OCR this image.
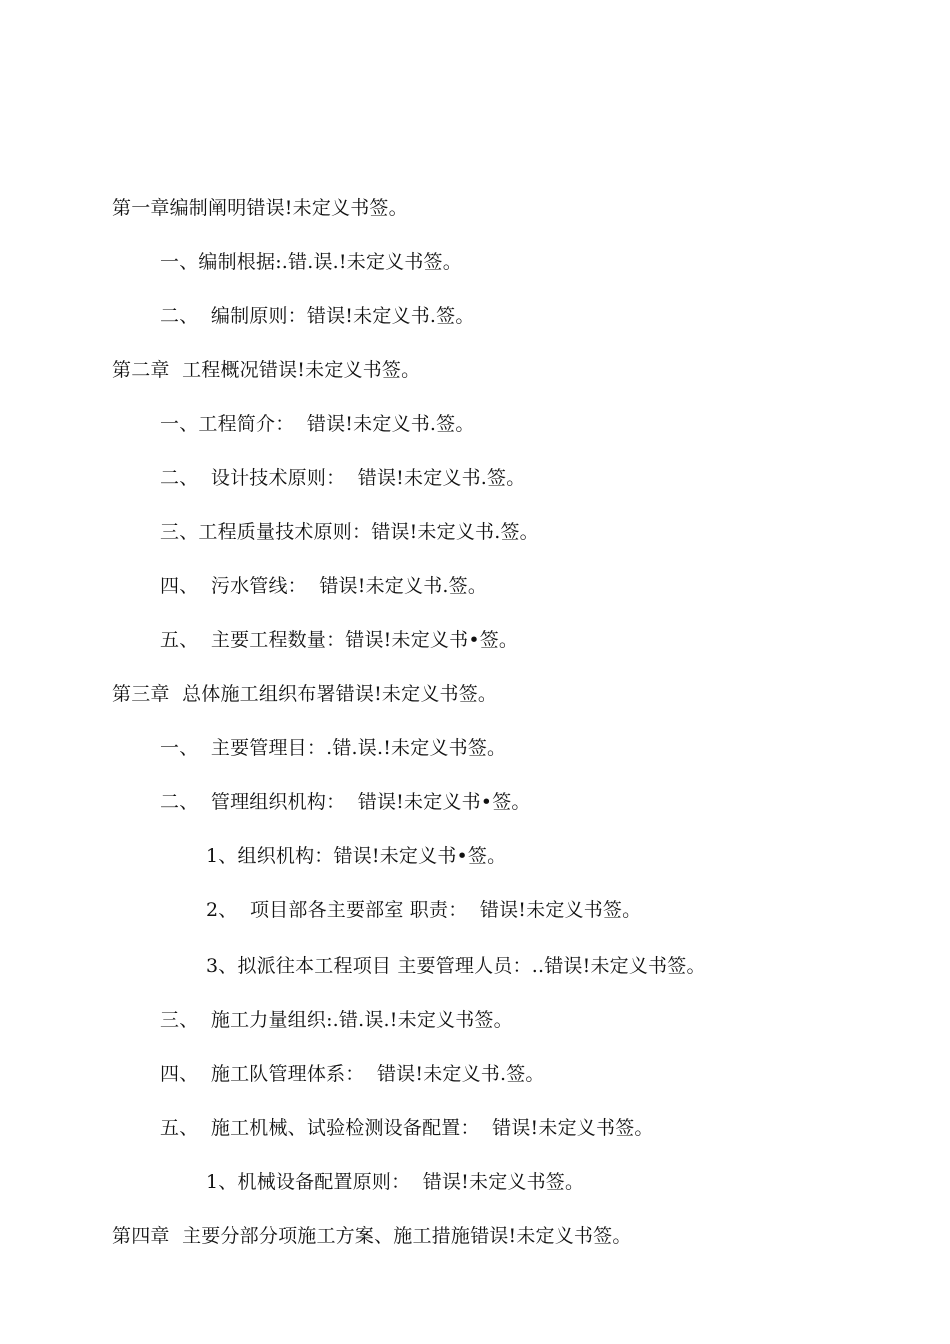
第一章编制阐明错误!未定义书签。
一、编制根据:.错.误.!未定义书签。
二、  编制原则：错误!未定义书.签。
第二章  工程概况错误!未定义书签。
一、工程简介：  错误!未定义书.签。
二、  设计技术原则：  错误!未定义书.签。
三、工程质量技术原则：错误!未定义书.签。
四、  污水管线：  错误!未定义书.签。
五、  主要工程数量：错误!未定义书•签。
第三章  总体施工组织布署错误!未定义书签。
一、  主要管理目：.错.误.!未定义书签。
二、  管理组织机构：  错误!未定义书•签。
1、组织机构：错误!未定义书•签。
2、  项目部各主要部室 职责：  错误!未定义书签。
3、拟派往本工程项目 主要管理人员：..错误!未定义书签。
三、  施工力量组织:.错.误.!未定义书签。
四、  施工队管理体系：  错误!未定义书.签。
五、  施工机械、试验检测设备配置：  错误!未定义书签。
1、机械设备配置原则：  错误!未定义书签。
第四章  主要分部分项施工方案、施工措施错误!未定义书签。
